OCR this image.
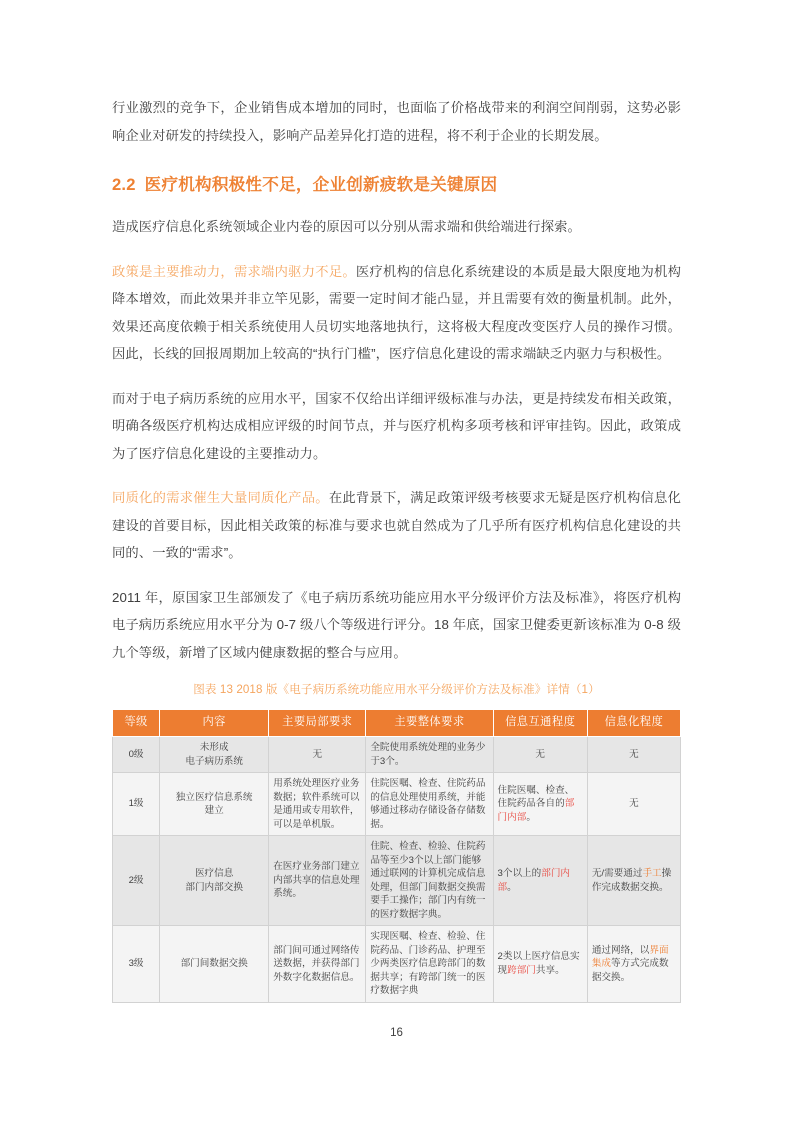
行业激烈的竞争下，企业销售成本增加的同时，也面临了价格战带来的利润空间削弱，这势必影响企业对研发的持续投入，影响产品差异化打造的进程，将不利于企业的长期发展。

2.2 医疗机构积极性不足，企业创新疲软是关键原因

造成医疗信息化系统领域企业内卷的原因可以分别从需求端和供给端进行探索。

政策是主要推动力，需求端内驱力不足。医疗机构的信息化系统建设的本质是最大限度地为机构降本增效，而此效果并非立竿见影，需要一定时间才能凸显，并且需要有效的衡量机制。此外，效果还高度依赖于相关系统使用人员切实地落地执行，这将极大程度改变医疗人员的操作习惯。因此，长线的回报周期加上较高的“执行门槛”，医疗信息化建设的需求端缺乏内驱力与积极性。

而对于电子病历系统的应用水平，国家不仅给出详细评级标准与办法，更是持续发布相关政策，明确各级医疗机构达成相应评级的时间节点，并与医疗机构多项考核和评审挂钩。因此，政策成为了医疗信息化建设的主要推动力。

同质化的需求催生大量同质化产品。在此背景下，满足政策评级考核要求无疑是医疗机构信息化建设的首要目标，因此相关政策的标准与要求也就自然成为了几乎所有医疗机构信息化建设的共同的、一致的“需求”。

2011 年，原国家卫生部颁发了《电子病历系统功能应用水平分级评价方法及标准》，将医疗机构电子病历系统应用水平分为 0-7 级八个等级进行评分。18 年底，国家卫健委更新该标准为 0-8 级九个等级，新增了区域内健康数据的整合与应用。

图表 13 2018 版《电子病历系统功能应用水平分级评价方法及标准》详情（1）

等级	内容	主要局部要求	主要整体要求	信息互通程度	信息化程度
0级	未形成
电子病历系统	无	全院使用系统处理的业务少于3个。	无	无
1级	独立医疗信息系统
建立	用系统处理医疗业务数据；软件系统可以是通用或专用软件，可以是单机版。	住院医嘱、检查、住院药品的信息处理使用系统，并能够通过移动存储设备存储数据。	住院医嘱、检查、住院药品各自的部门内部。	无
2级	医疗信息
部门内部交换	在医疗业务部门建立内部共享的信息处理系统。	住院、检查、检验、住院药品等至少3个以上部门能够通过联网的计算机完成信息处理，但部门间数据交换需要手工操作；部门内有统一的医疗数据字典。	3个以上的部门内部。	无/需要通过手工操作完成数据交换。
3级	部门间数据交换	部门间可通过网络传送数据，并获得部门外数字化数据信息。	实现医嘱、检查、检验、住院药品、门诊药品、护理至少两类医疗信息跨部门的数据共享；有跨部门统一的医疗数据字典	2类以上医疗信息实现跨部门共享。	通过网络，以界面集成等方式完成数据交换。
16
